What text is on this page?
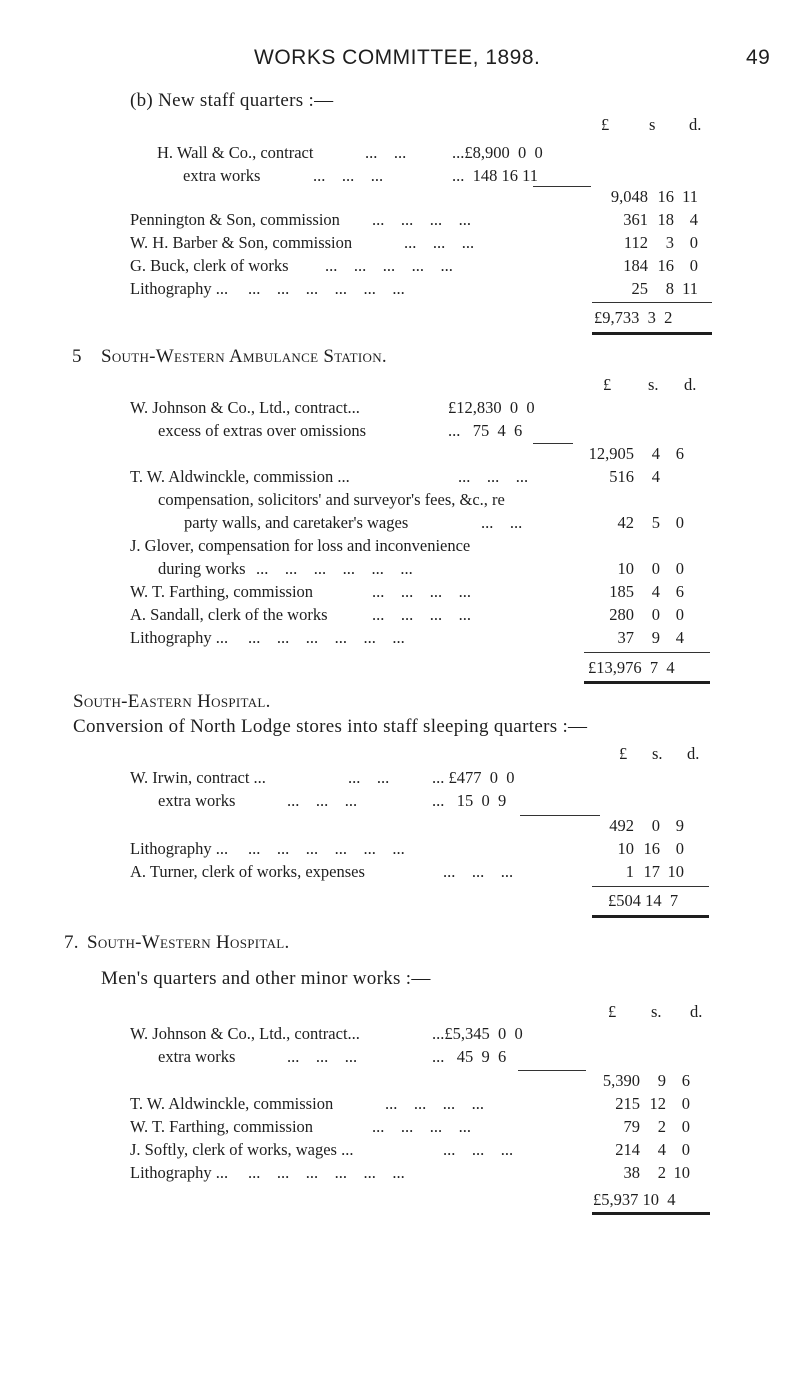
WORKS COMMITTEE, 1898.	49
(b) New staff quarters :—
£ s d.
H. Wall & Co., contract	...    ...	...£8,900  0  0
extra works	...    ...    ...	...  148 16 11
9,048 16 11
Pennington & Son, commission ...    ...    ...    ...	361 18 4
W. H. Barber & Son, commission	...    ...    ...	112 3 0
G. Buck, clerk of works ...    ...    ...    ...    ...	184 16 0
Lithography ... ...    ...    ...    ...    ...    ...	25 8 11
£9,733  3  2
5 South-Western Ambulance Station.
£ s. d.
W. Johnson & Co., Ltd., contract...	£12,830  0  0
excess of extras over omissions	...   75  4  6
12,905 4 6
T. W. Aldwinckle, commission ...	...    ...    ...	516 4
compensation, solicitors' and surveyor's fees, &c., re
party walls, and caretaker's wages	...    ...	42 5 0
J. Glover, compensation for loss and inconvenience
during works ...    ...    ...    ...    ...    ...	10 0 0
W. T. Farthing, commission	...    ...    ...    ...	185 4 6
A. Sandall, clerk of the works	...    ...    ...    ...	280 0 0
Lithography ... ...    ...    ...    ...    ...    ...	37 9 4
£13,976  7  4
South-Eastern Hospital.
Conversion of North Lodge stores into staff sleeping quarters :—
£ s. d.
W. Irwin, contract ...	...    ...	... £477  0  0
extra works	...    ...    ...	...   15  0  9
492 0 9
Lithography ... ...    ...    ...    ...    ...    ...	10 16 0
A. Turner, clerk of works, expenses	...    ...    ...	1 17 10
£504 14  7
7. South-Western Hospital.
Men's quarters and other minor works :—
£ s. d.
W. Johnson & Co., Ltd., contract...	...£5,345  0  0
extra works	...    ...    ...	...   45  9  6
5,390 9 6
T. W. Aldwinckle, commission	...    ...    ...    ...	215 12 0
W. T. Farthing, commission	...    ...    ...    ...	79 2 0
J. Softly, clerk of works, wages ...	...    ...    ...	214 4 0
Lithography ... ...    ...    ...    ...    ...    ...	38 2 10
£5,937 10  4
